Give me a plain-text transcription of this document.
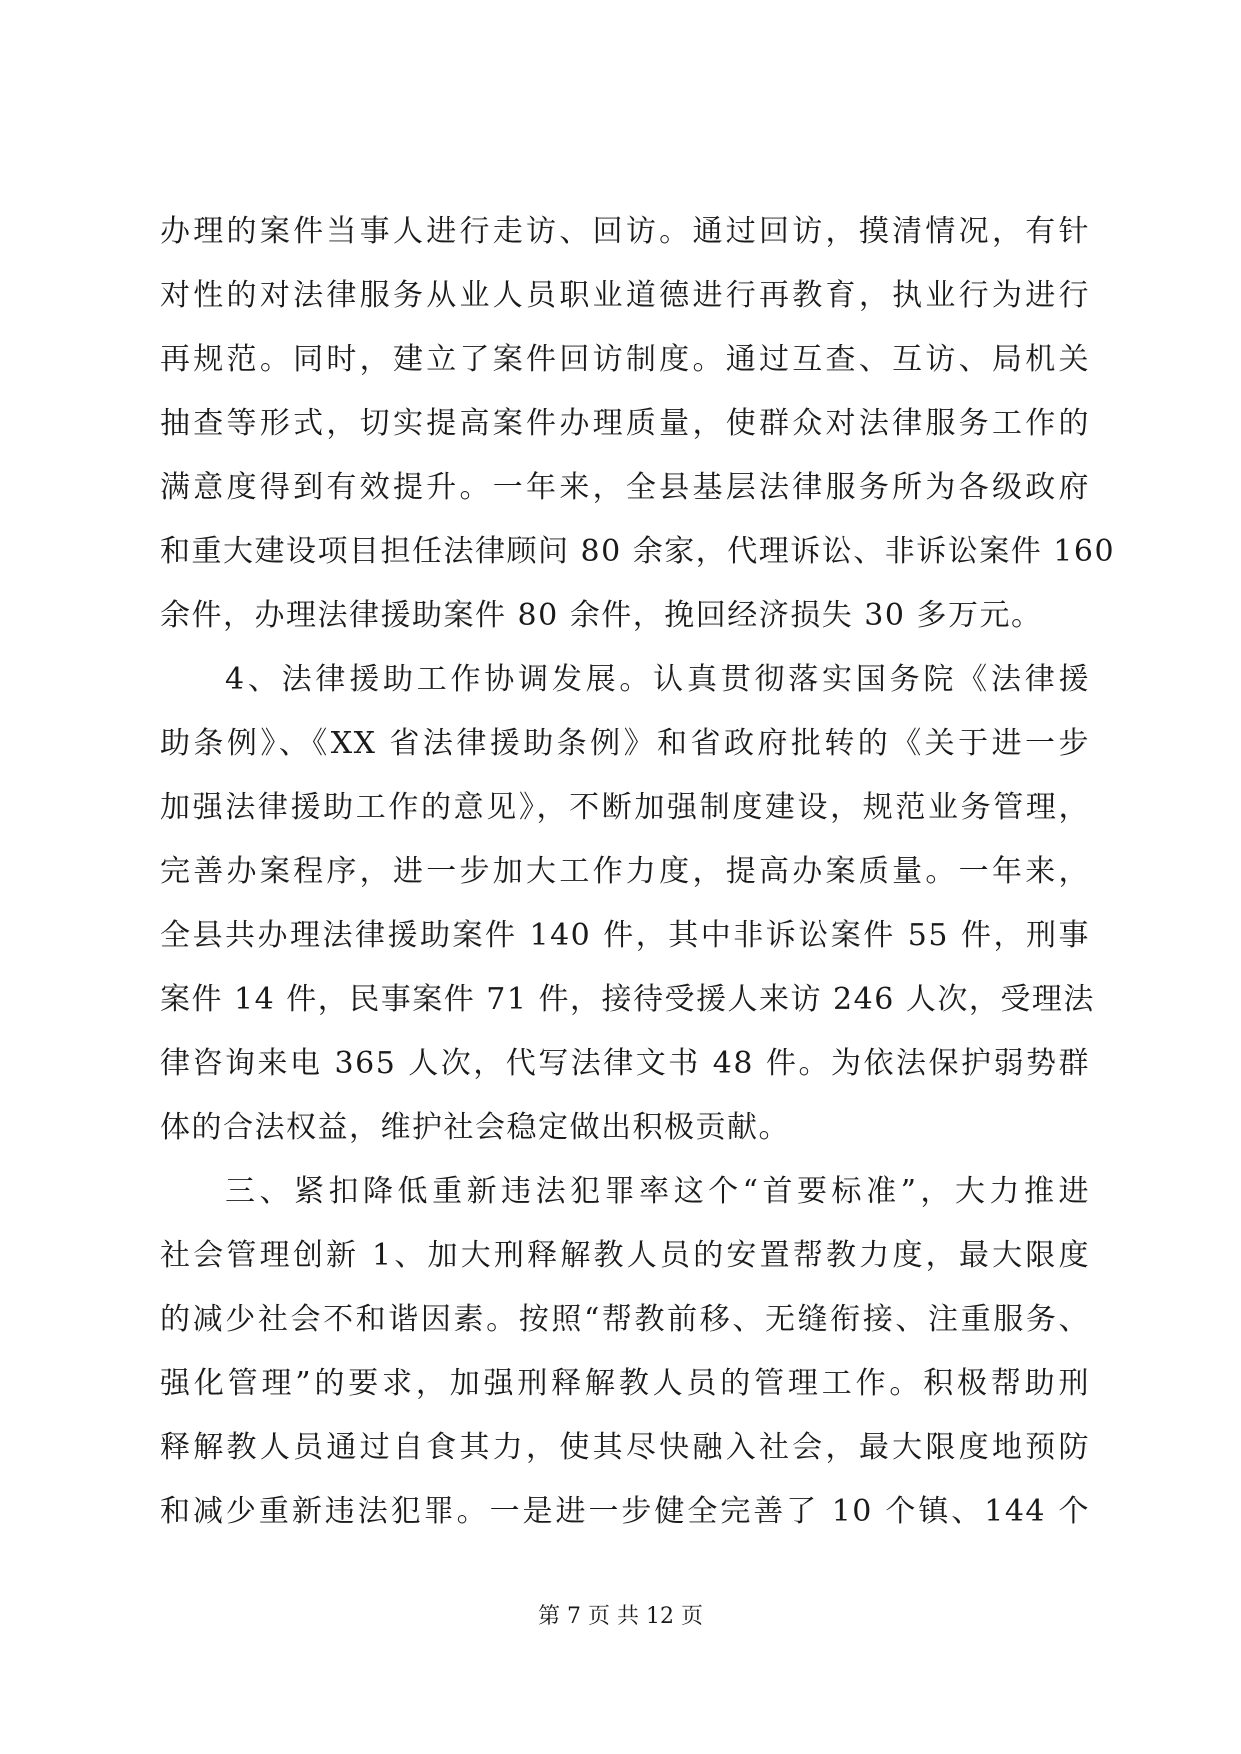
办理的案件当事人进行走访、回访。通过回访，摸清情况，有针
对性的对法律服务从业人员职业道德进行再教育，执业行为进行
再规范。同时，建立了案件回访制度。通过互查、互访、局机关
抽查等形式，切实提高案件办理质量，使群众对法律服务工作的
满意度得到有效提升。一年来，全县基层法律服务所为各级政府
和重大建设项目担任法律顾问 80 余家，代理诉讼、非诉讼案件 160
余件，办理法律援助案件 80 余件，挽回经济损失 30 多万元。
4、法律援助工作协调发展。认真贯彻落实国务院《法律援
助条例》、《XX 省法律援助条例》和省政府批转的《关于进一步
加强法律援助工作的意见》，不断加强制度建设，规范业务管理，
完善办案程序，进一步加大工作力度，提高办案质量。一年来，
全县共办理法律援助案件 140 件，其中非诉讼案件 55 件，刑事
案件 14 件，民事案件 71 件，接待受援人来访 246 人次，受理法
律咨询来电 365 人次，代写法律文书 48 件。为依法保护弱势群
体的合法权益，维护社会稳定做出积极贡献。
三、紧扣降低重新违法犯罪率这个“首要标准”，大力推进
社会管理创新 1、加大刑释解教人员的安置帮教力度，最大限度
的减少社会不和谐因素。按照“帮教前移、无缝衔接、注重服务、
强化管理”的要求，加强刑释解教人员的管理工作。积极帮助刑
释解教人员通过自食其力，使其尽快融入社会，最大限度地预防
和减少重新违法犯罪。一是进一步健全完善了 10 个镇、144 个
第 7 页 共 12 页
